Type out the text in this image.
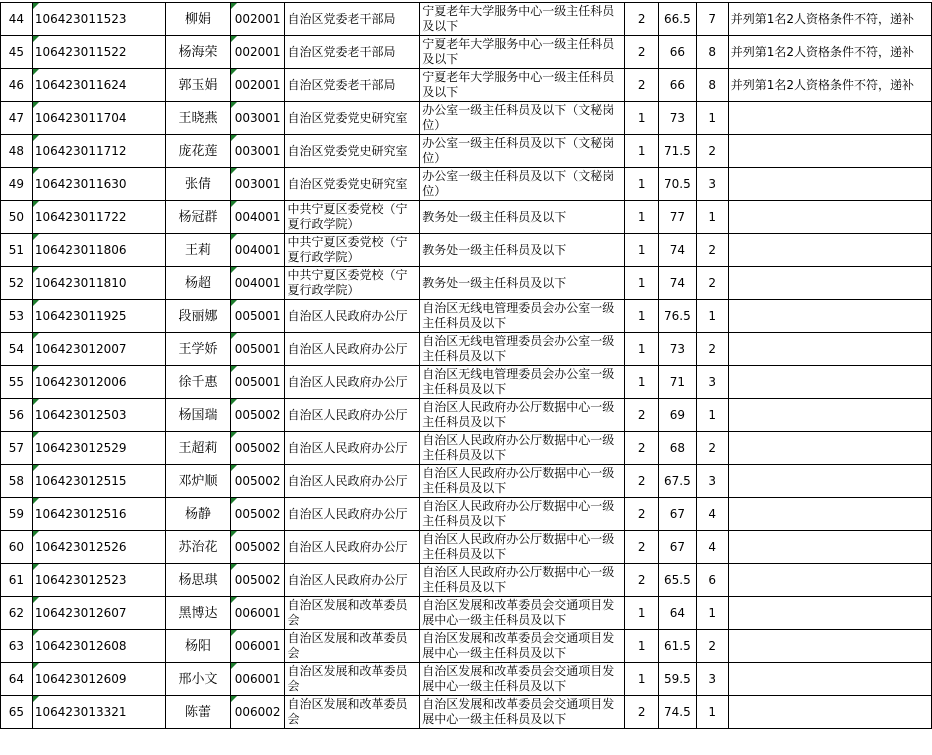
44	106423011523	柳娟	002001	自治区党委老干部局	宁夏老年大学服务中心一级主任科员及以下	2	66.5	7	并列第1名2人资格条件不符，递补
45	106423011522	杨海荣	002001	自治区党委老干部局	宁夏老年大学服务中心一级主任科员及以下	2	66	8	并列第1名2人资格条件不符，递补
46	106423011624	郭玉娟	002001	自治区党委老干部局	宁夏老年大学服务中心一级主任科员及以下	2	66	8	并列第1名2人资格条件不符，递补
47	106423011704	王晓燕	003001	自治区党委党史研究室	办公室一级主任科员及以下（文秘岗位）	1	73	1	
48	106423011712	庞花莲	003001	自治区党委党史研究室	办公室一级主任科员及以下（文秘岗位）	1	71.5	2	
49	106423011630	张倩	003001	自治区党委党史研究室	办公室一级主任科员及以下（文秘岗位）	1	70.5	3	
50	106423011722	杨冠群	004001	中共宁夏区委党校（宁夏行政学院）	教务处一级主任科员及以下	1	77	1	
51	106423011806	王莉	004001	中共宁夏区委党校（宁夏行政学院）	教务处一级主任科员及以下	1	74	2	
52	106423011810	杨超	004001	中共宁夏区委党校（宁夏行政学院）	教务处一级主任科员及以下	1	74	2	
53	106423011925	段丽娜	005001	自治区人民政府办公厅	自治区无线电管理委员会办公室一级主任科员及以下	1	76.5	1	
54	106423012007	王学娇	005001	自治区人民政府办公厅	自治区无线电管理委员会办公室一级主任科员及以下	1	73	2	
55	106423012006	徐千惠	005001	自治区人民政府办公厅	自治区无线电管理委员会办公室一级主任科员及以下	1	71	3	
56	106423012503	杨国瑞	005002	自治区人民政府办公厅	自治区人民政府办公厅数据中心一级主任科员及以下	2	69	1	
57	106423012529	王超莉	005002	自治区人民政府办公厅	自治区人民政府办公厅数据中心一级主任科员及以下	2	68	2	
58	106423012515	邓炉顺	005002	自治区人民政府办公厅	自治区人民政府办公厅数据中心一级主任科员及以下	2	67.5	3	
59	106423012516	杨静	005002	自治区人民政府办公厅	自治区人民政府办公厅数据中心一级主任科员及以下	2	67	4	
60	106423012526	苏治花	005002	自治区人民政府办公厅	自治区人民政府办公厅数据中心一级主任科员及以下	2	67	4	
61	106423012523	杨思琪	005002	自治区人民政府办公厅	自治区人民政府办公厅数据中心一级主任科员及以下	2	65.5	6	
62	106423012607	黑博达	006001	自治区发展和改革委员会	自治区发展和改革委员会交通项目发展中心一级主任科员及以下	1	64	1	
63	106423012608	杨阳	006001	自治区发展和改革委员会	自治区发展和改革委员会交通项目发展中心一级主任科员及以下	1	61.5	2	
64	106423012609	邢小文	006001	自治区发展和改革委员会	自治区发展和改革委员会交通项目发展中心一级主任科员及以下	1	59.5	3	
65	106423013321	陈蕾	006002	自治区发展和改革委员会	自治区发展和改革委员会交通项目发展中心一级主任科员及以下	2	74.5	1	
